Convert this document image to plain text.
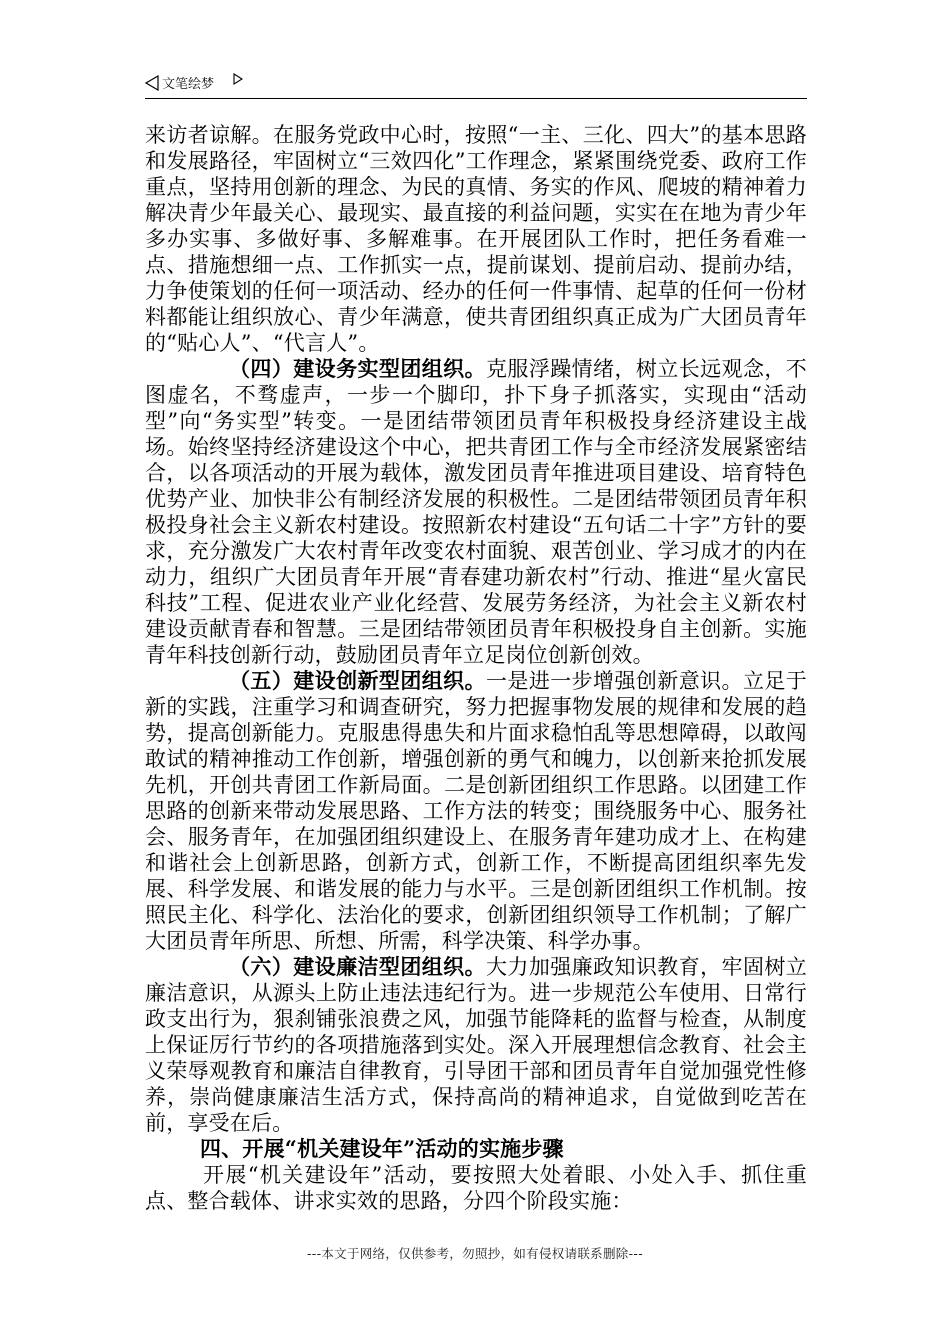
文笔绘梦

来访者谅解。在服务党政中心时，按照“一主、三化、四大”的基本思路和发展路径，牢固树立“三效四化”工作理念，紧紧围绕党委、政府工作重点，坚持用创新的理念、为民的真情、务实的作风、爬坡的精神着力解决青少年最关心、最现实、最直接的利益问题，实实在在地为青少年多办实事、多做好事、多解难事。在开展团队工作时，把任务看难一点、措施想细一点、工作抓实一点，提前谋划、提前启动、提前办结，力争使策划的任何一项活动、经办的任何一件事情、起草的任何一份材料都能让组织放心、青少年满意，使共青团组织真正成为广大团员青年的“贴心人”、“代言人”。

（四）建设务实型团组织。克服浮躁情绪，树立长远观念，不图虚名，不骛虚声，一步一个脚印，扑下身子抓落实，实现由“活动型”向“务实型”转变。一是团结带领团员青年积极投身经济建设主战场。始终坚持经济建设这个中心，把共青团工作与全市经济发展紧密结合，以各项活动的开展为载体，激发团员青年推进项目建设、培育特色优势产业、加快非公有制经济发展的积极性。二是团结带领团员青年积极投身社会主义新农村建设。按照新农村建设“五句话二十字”方针的要求，充分激发广大农村青年改变农村面貌、艰苦创业、学习成才的内在动力，组织广大团员青年开展“青春建功新农村”行动、推进“星火富民科技”工程、促进农业产业化经营、发展劳务经济，为社会主义新农村建设贡献青春和智慧。三是团结带领团员青年积极投身自主创新。实施青年科技创新行动，鼓励团员青年立足岗位创新创效。

（五）建设创新型团组织。一是进一步增强创新意识。立足于新的实践，注重学习和调查研究，努力把握事物发展的规律和发展的趋势，提高创新能力。克服患得患失和片面求稳怕乱等思想障碍，以敢闯敢试的精神推动工作创新，增强创新的勇气和魄力，以创新来抢抓发展先机，开创共青团工作新局面。二是创新团组织工作思路。以团建工作思路的创新来带动发展思路、工作方法的转变；围绕服务中心、服务社会、服务青年，在加强团组织建设上、在服务青年建功成才上、在构建和谐社会上创新思路，创新方式，创新工作，不断提高团组织率先发展、科学发展、和谐发展的能力与水平。三是创新团组织工作机制。按照民主化、科学化、法治化的要求，创新团组织领导工作机制；了解广大团员青年所思、所想、所需，科学决策、科学办事。

（六）建设廉洁型团组织。大力加强廉政知识教育，牢固树立廉洁意识，从源头上防止违法违纪行为。进一步规范公车使用、日常行政支出行为，狠刹铺张浪费之风，加强节能降耗的监督与检查，从制度上保证厉行节约的各项措施落到实处。深入开展理想信念教育、社会主义荣辱观教育和廉洁自律教育，引导团干部和团员青年自觉加强党性修养，崇尚健康廉洁生活方式，保持高尚的精神追求，自觉做到吃苦在前，享受在后。

四、开展“机关建设年”活动的实施步骤

开展“机关建设年”活动，要按照大处着眼、小处入手、抓住重点、整合载体、讲求实效的思路，分四个阶段实施：

---本文于网络，仅供参考，勿照抄，如有侵权请联系删除---
